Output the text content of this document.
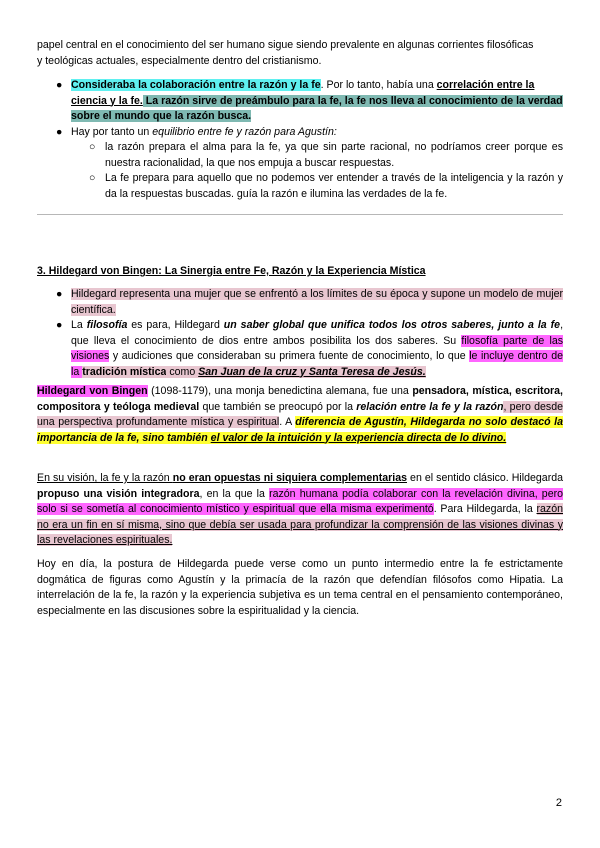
papel central en el conocimiento del ser humano sigue siendo prevalente en algunas corrientes filosóficas

y teológicas actuales, especialmente dentro del cristianismo.

● Consideraba la colaboración entre la razón y la fe. Por lo tanto, había una correlación entre la ciencia y la fe. La razón sirve de preámbulo para la fe, la fe nos lleva al conocimiento de la verdad sobre el mundo que la razón busca.
● Hay por tanto un equilibrio entre fe y razón para Agustín:
○ la razón prepara el alma para la fe, ya que sin parte racional, no podríamos creer porque es nuestra racionalidad, la que nos empuja a buscar respuestas.
○ La fe prepara para aquello que no podemos ver entender a través de la inteligencia y la razón y da la respuestas buscadas. guía la razón e ilumina las verdades de la fe.

3. Hildegard von Bingen: La Sinergia entre Fe, Razón y la Experiencia Mística

● Hildegard representa una mujer que se enfrentó a los límites de su época y supone un modelo de mujer científica.
● La filosofía es para, Hildegard un saber global que unifica todos los otros saberes, junto a la fe, que lleva el conocimiento de dios entre ambos posibilita los dos saberes. Su filosofía parte de las visiones y audiciones que consideraban su primera fuente de conocimiento, lo que le incluye dentro de la tradición mística como San Juan de la cruz y Santa Teresa de Jesús.

Hildegard von Bingen (1098-1179), una monja benedictina alemana, fue una pensadora, mística, escritora, compositora y teóloga medieval que también se preocupó por la relación entre la fe y la razón, pero desde una perspectiva profundamente mística y espiritual. A diferencia de Agustín, Hildegarda no solo destacó la importancia de la fe, sino también el valor de la intuición y la experiencia directa de lo divino.

En su visión, la fe y la razón no eran opuestas ni siquiera complementarias en el sentido clásico. Hildegarda propuso una visión integradora, en la que la razón humana podía colaborar con la revelación divina, pero solo si se sometía al conocimiento místico y espiritual que ella misma experimentó. Para Hildegarda, la razón no era un fin en sí misma, sino que debía ser usada para profundizar la comprensión de las visiones divinas y las revelaciones espirituales.

Hoy en día, la postura de Hildegarda puede verse como un punto intermedio entre la fe estrictamente dogmática de figuras como Agustín y la primacía de la razón que defendían filósofos como Hipatia. La interrelación de la fe, la razón y la experiencia subjetiva es un tema central en el pensamiento contemporáneo, especialmente en las discusiones sobre la espiritualidad y la ciencia.

2
